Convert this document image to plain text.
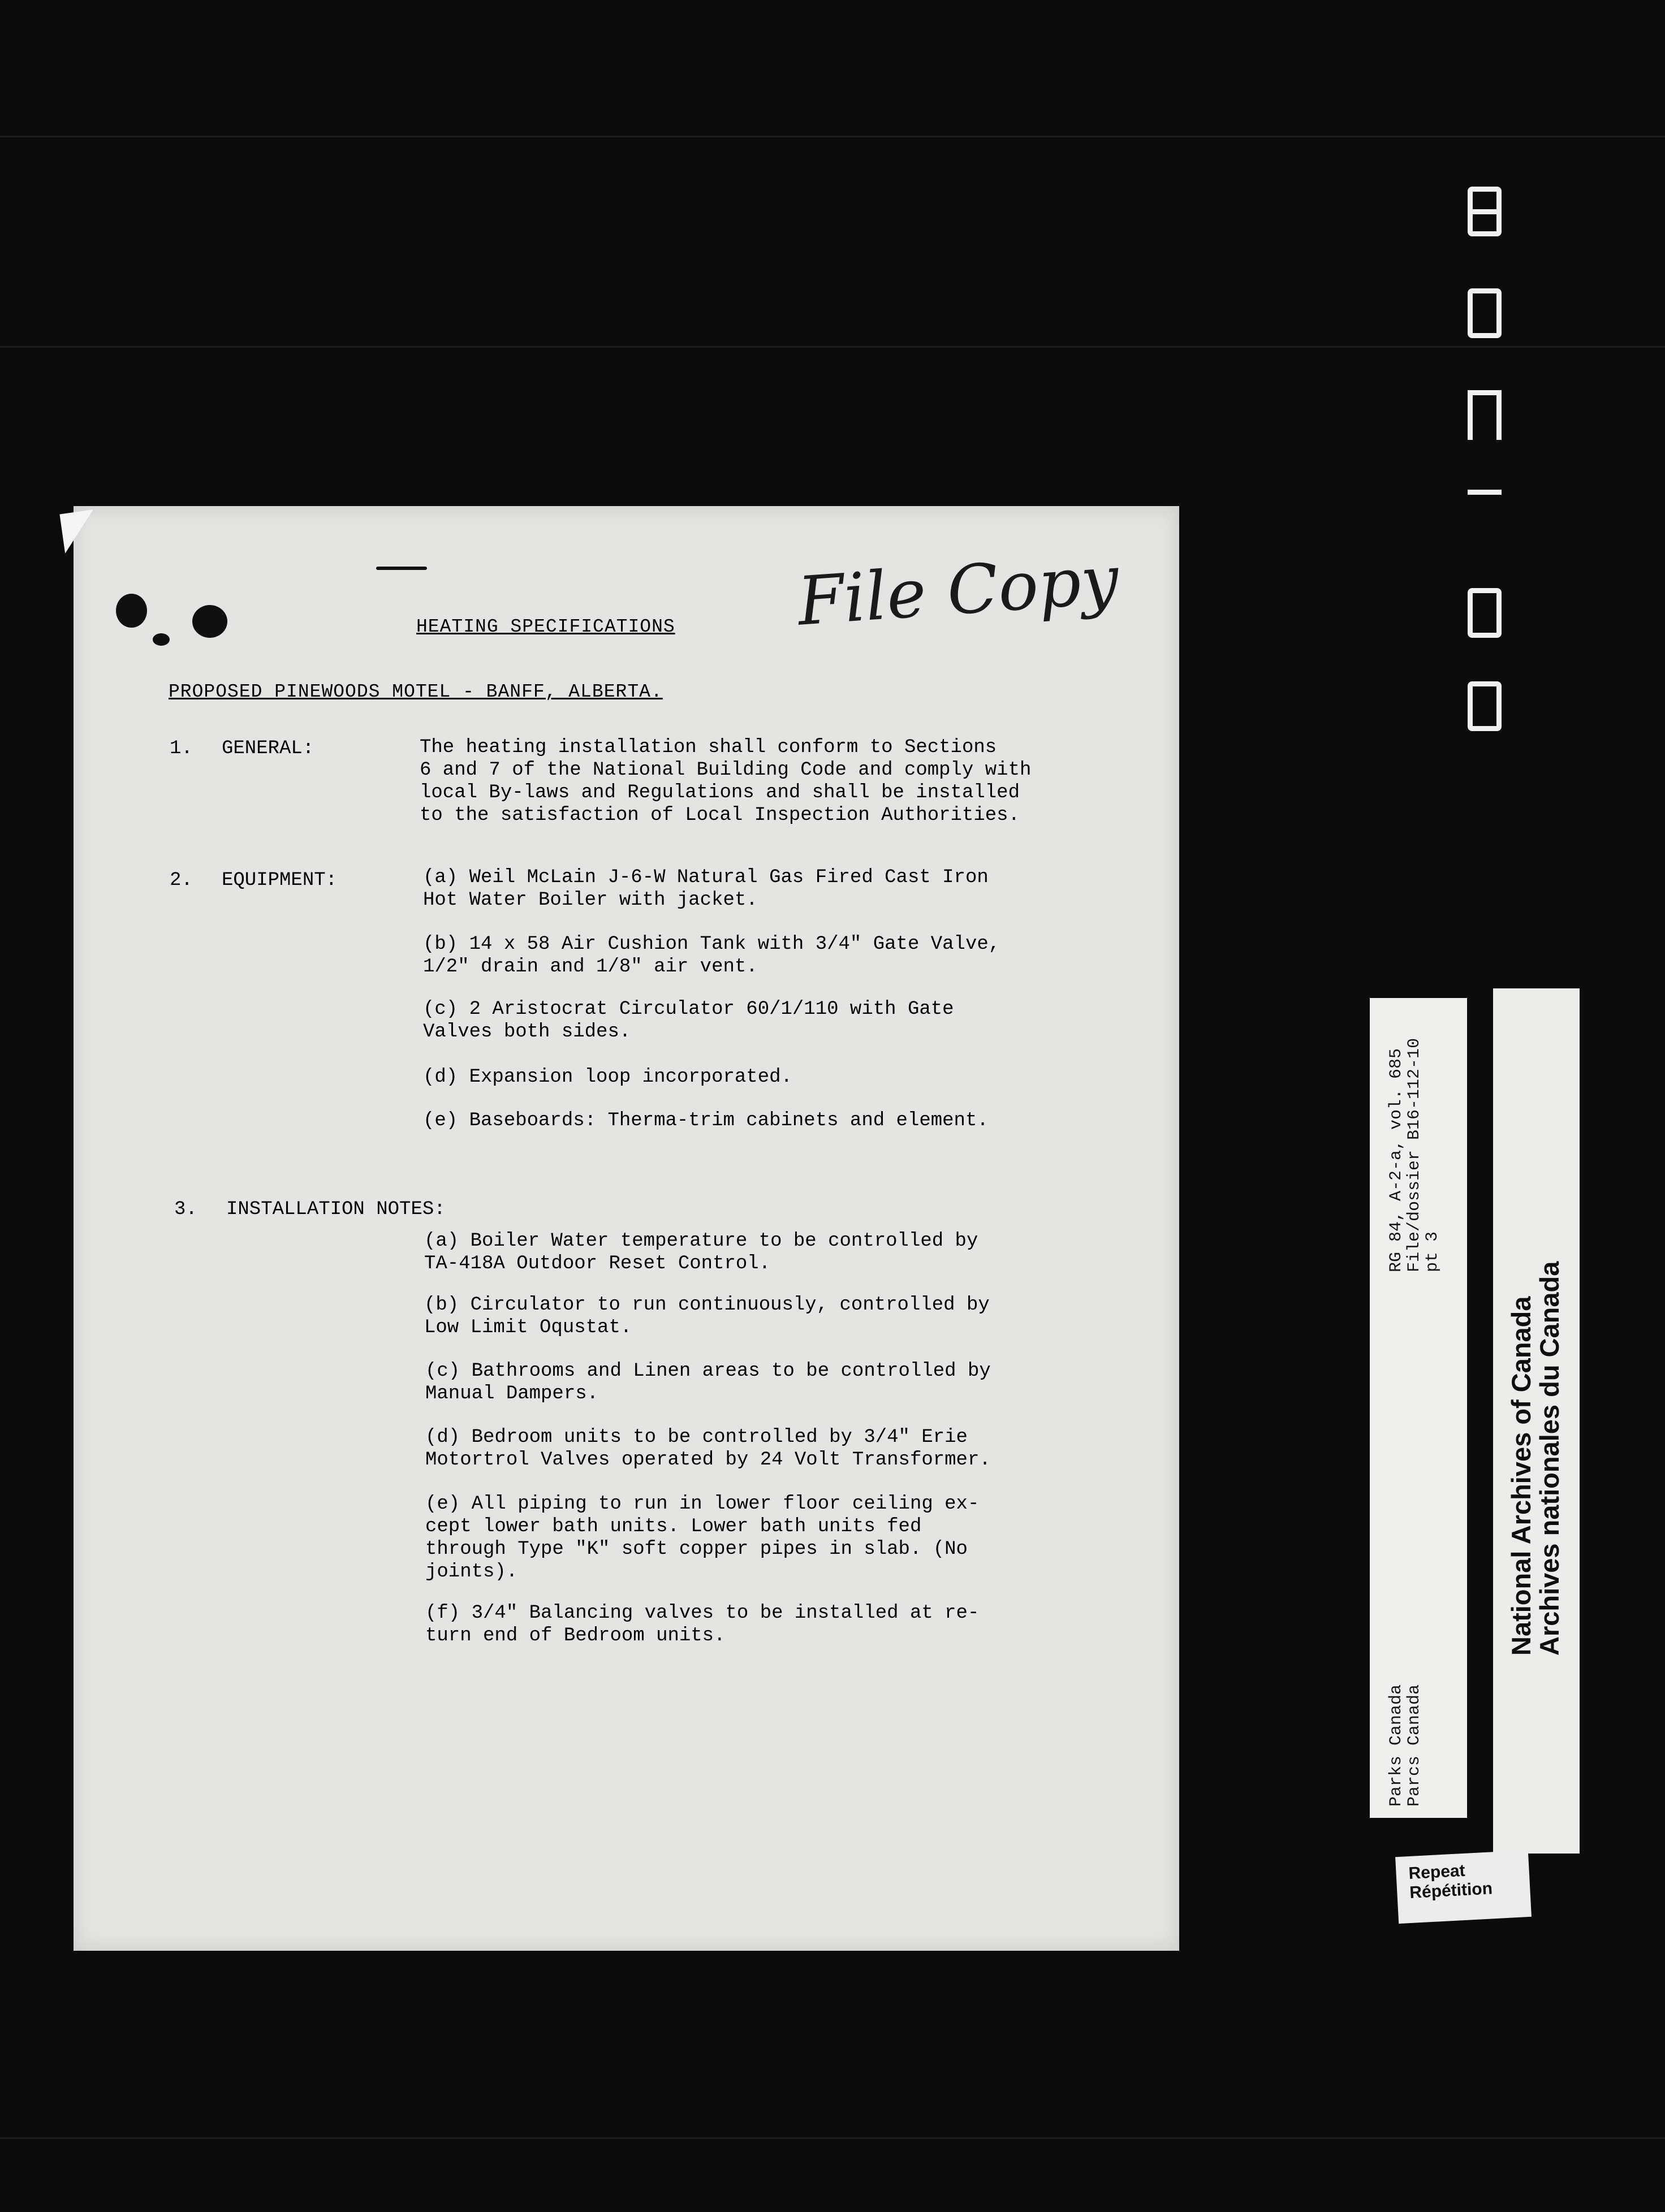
HEATING SPECIFICATIONS File Copy
PROPOSED PINEWOODS MOTEL - BANFF, ALBERTA.
1. GENERAL:	The heating installation shall conform to Sections
6 and 7 of the National Building Code and comply with
local By-laws and Regulations and shall be installed
to the satisfaction of Local Inspection Authorities.
2. EQUIPMENT:	(a) Weil McLain J-6-W Natural Gas Fired Cast Iron
Hot Water Boiler with jacket.
(b) 14 x 58 Air Cushion Tank with 3/4" Gate Valve,
1/2" drain and 1/8" air vent.
(c) 2 Aristocrat Circulator 60/1/110 with Gate
Valves both sides.
(d) Expansion loop incorporated.
(e) Baseboards: Therma-trim cabinets and element.
3. INSTALLATION NOTES:
(a) Boiler Water temperature to be controlled by
TA-418A Outdoor Reset Control.
(b) Circulator to run continuously, controlled by
Low Limit Oqustat.
(c) Bathrooms and Linen areas to be controlled by
Manual Dampers.
(d) Bedroom units to be controlled by 3/4" Erie
Motortrol Valves operated by 24 Volt Transformer.
(e) All piping to run in lower floor ceiling ex-
cept lower bath units. Lower bath units fed
through Type "K" soft copper pipes in slab. (No
joints).
(f) 3/4" Balancing valves to be installed at re-
turn end of Bedroom units.
Parks Canada
Parcs Canada
RG 84, A-2-a, vol. 685
File/dossier B16-112-10
pt 3
National Archives of Canada
Archives nationales du Canada
Repeat
Répétition
